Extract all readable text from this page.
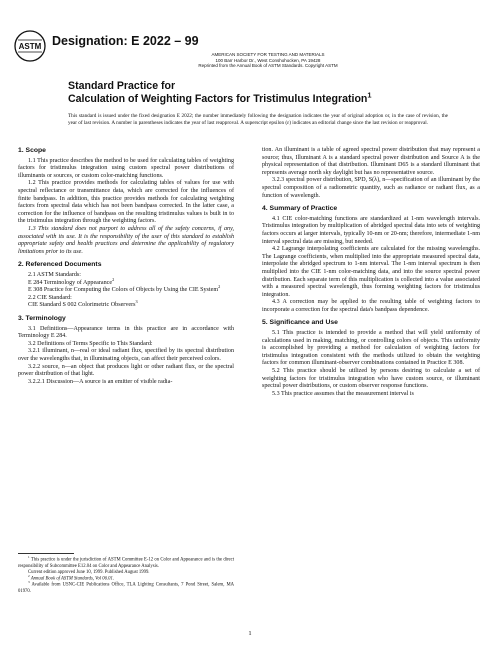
ASTM Designation: E 2022 – 99
AMERICAN SOCIETY FOR TESTING AND MATERIALS
100 Barr Harbor Dr., West Conshohocken, PA 19428
Reprinted from the Annual Book of ASTM Standards. Copyright ASTM
Standard Practice for
Calculation of Weighting Factors for Tristimulus Integration$^1$
This standard is issued under the fixed designation E 2022; the number immediately following the designation indicates the year of original adoption or, in the case of revision, the year of last revision. A number in parentheses indicates the year of last reapproval. A superscript epsilon (ε) indicates an editorial change since the last revision or reapproval.
1. Scope

1.1 This practice describes the method to be used for calculating tables of weighting factors for tristimulus integration using custom spectral power distributions of illuminants or sources, or custom color-matching functions.

1.2 This practice provides methods for calculating tables of values for use with spectral reflectance or transmittance data, which are corrected for the influences of finite bandpass. In addition, this practice provides methods for calculating weighting factors from spectral data which has not been bandpass corrected. In the latter case, a correction for the influence of bandpass on the resulting tristimulus values is built in to the tristimulus integration through the weighting factors.

1.3 This standard does not purport to address all of the safety concerns, if any, associated with its use. It is the responsibility of the user of this standard to establish appropriate safety and health practices and determine the applicability of regulatory limitations prior to its use.

2. Referenced Documents

2.1 ASTM Standards:

E 284 Terminology of Appearance$^2$

E 308 Practice for Computing the Colors of Objects by Using the CIE System$^2$

2.2 CIE Standard:

CIE Standard S 002 Colorimetric Observers$^3$

3. Terminology

3.1 Definitions—Appearance terms in this practice are in accordance with Terminology E 284.

3.2 Definitions of Terms Specific to This Standard:

3.2.1 illuminant, n—real or ideal radiant flux, specified by its spectral distribution over the wavelengths that, in illuminating objects, can affect their perceived colors.

3.2.2 source, n—an object that produces light or other radiant flux, or the spectral power distribution of that light.

3.2.2.1 Discussion—A source is an emitter of visible radia-

$^1$ This practice is under the jurisdiction of ASTM Committee E-12 on Color and Appearance and is the direct responsibility of Subcommittee E12.04 on Color and Appearance Analysis.

Current edition approved June 10, 1999. Published August 1999.

$^2$ Annual Book of ASTM Standards, Vol 06.01.

$^3$ Available from USNC-CIE Publications Office, TLA Lighting Consultants, 7 Pond Street, Salem, MA 01970.

tion. An illuminant is a table of agreed spectral power distribution that may represent a source; thus, Illuminant A is a standard spectral power distribution and Source A is the physical representation of that distribution. Illuminant D65 is a standard illuminant that represents average north sky daylight but has no representative source.

3.2.3 spectral power distribution, SPD, S(λ), n—specification of an illuminant by the spectral composition of a radiometric quantity, such as radiance or radiant flux, as a function of wavelength.

4. Summary of Practice

4.1 CIE color-matching functions are standardized at 1-nm wavelength intervals. Tristimulus integration by multiplication of abridged spectral data into sets of weighting factors occurs at larger intervals, typically 10-nm or 20-nm; therefore, intermediate 1-nm interval spectral data are missing, but needed.

4.2 Lagrange interpolating coefficients are calculated for the missing wavelengths. The Lagrange coefficients, when multiplied into the appropriate measured spectral data, interpolate the abridged spectrum to 1-nm interval. The 1-nm interval spectrum is then multiplied into the CIE 1-nm color-matching data, and into the source spectral power distribution. Each separate term of this multiplication is collected into a value associated with a measured spectral wavelength, thus forming weighting factors for tristimulus integration.

4.3 A correction may be applied to the resulting table of weighting factors to incorporate a correction for the spectral data's bandpass dependence.

5. Significance and Use

5.1 This practice is intended to provide a method that will yield uniformity of calculations used in making, matching, or controlling colors of objects. This uniformity is accomplished by providing a method for calculation of weighting factors for tristimulus integration consistent with the methods utilized to obtain the weighting factors for common illuminant-observer combinations contained in Practice E 308.

5.2 This practice should be utilized by persons desiring to calculate a set of weighting factors for tristimulus integration who have custom source, or illuminant spectral power distributions, or custom observer response functions.

5.3 This practice assumes that the measurement interval is

1
